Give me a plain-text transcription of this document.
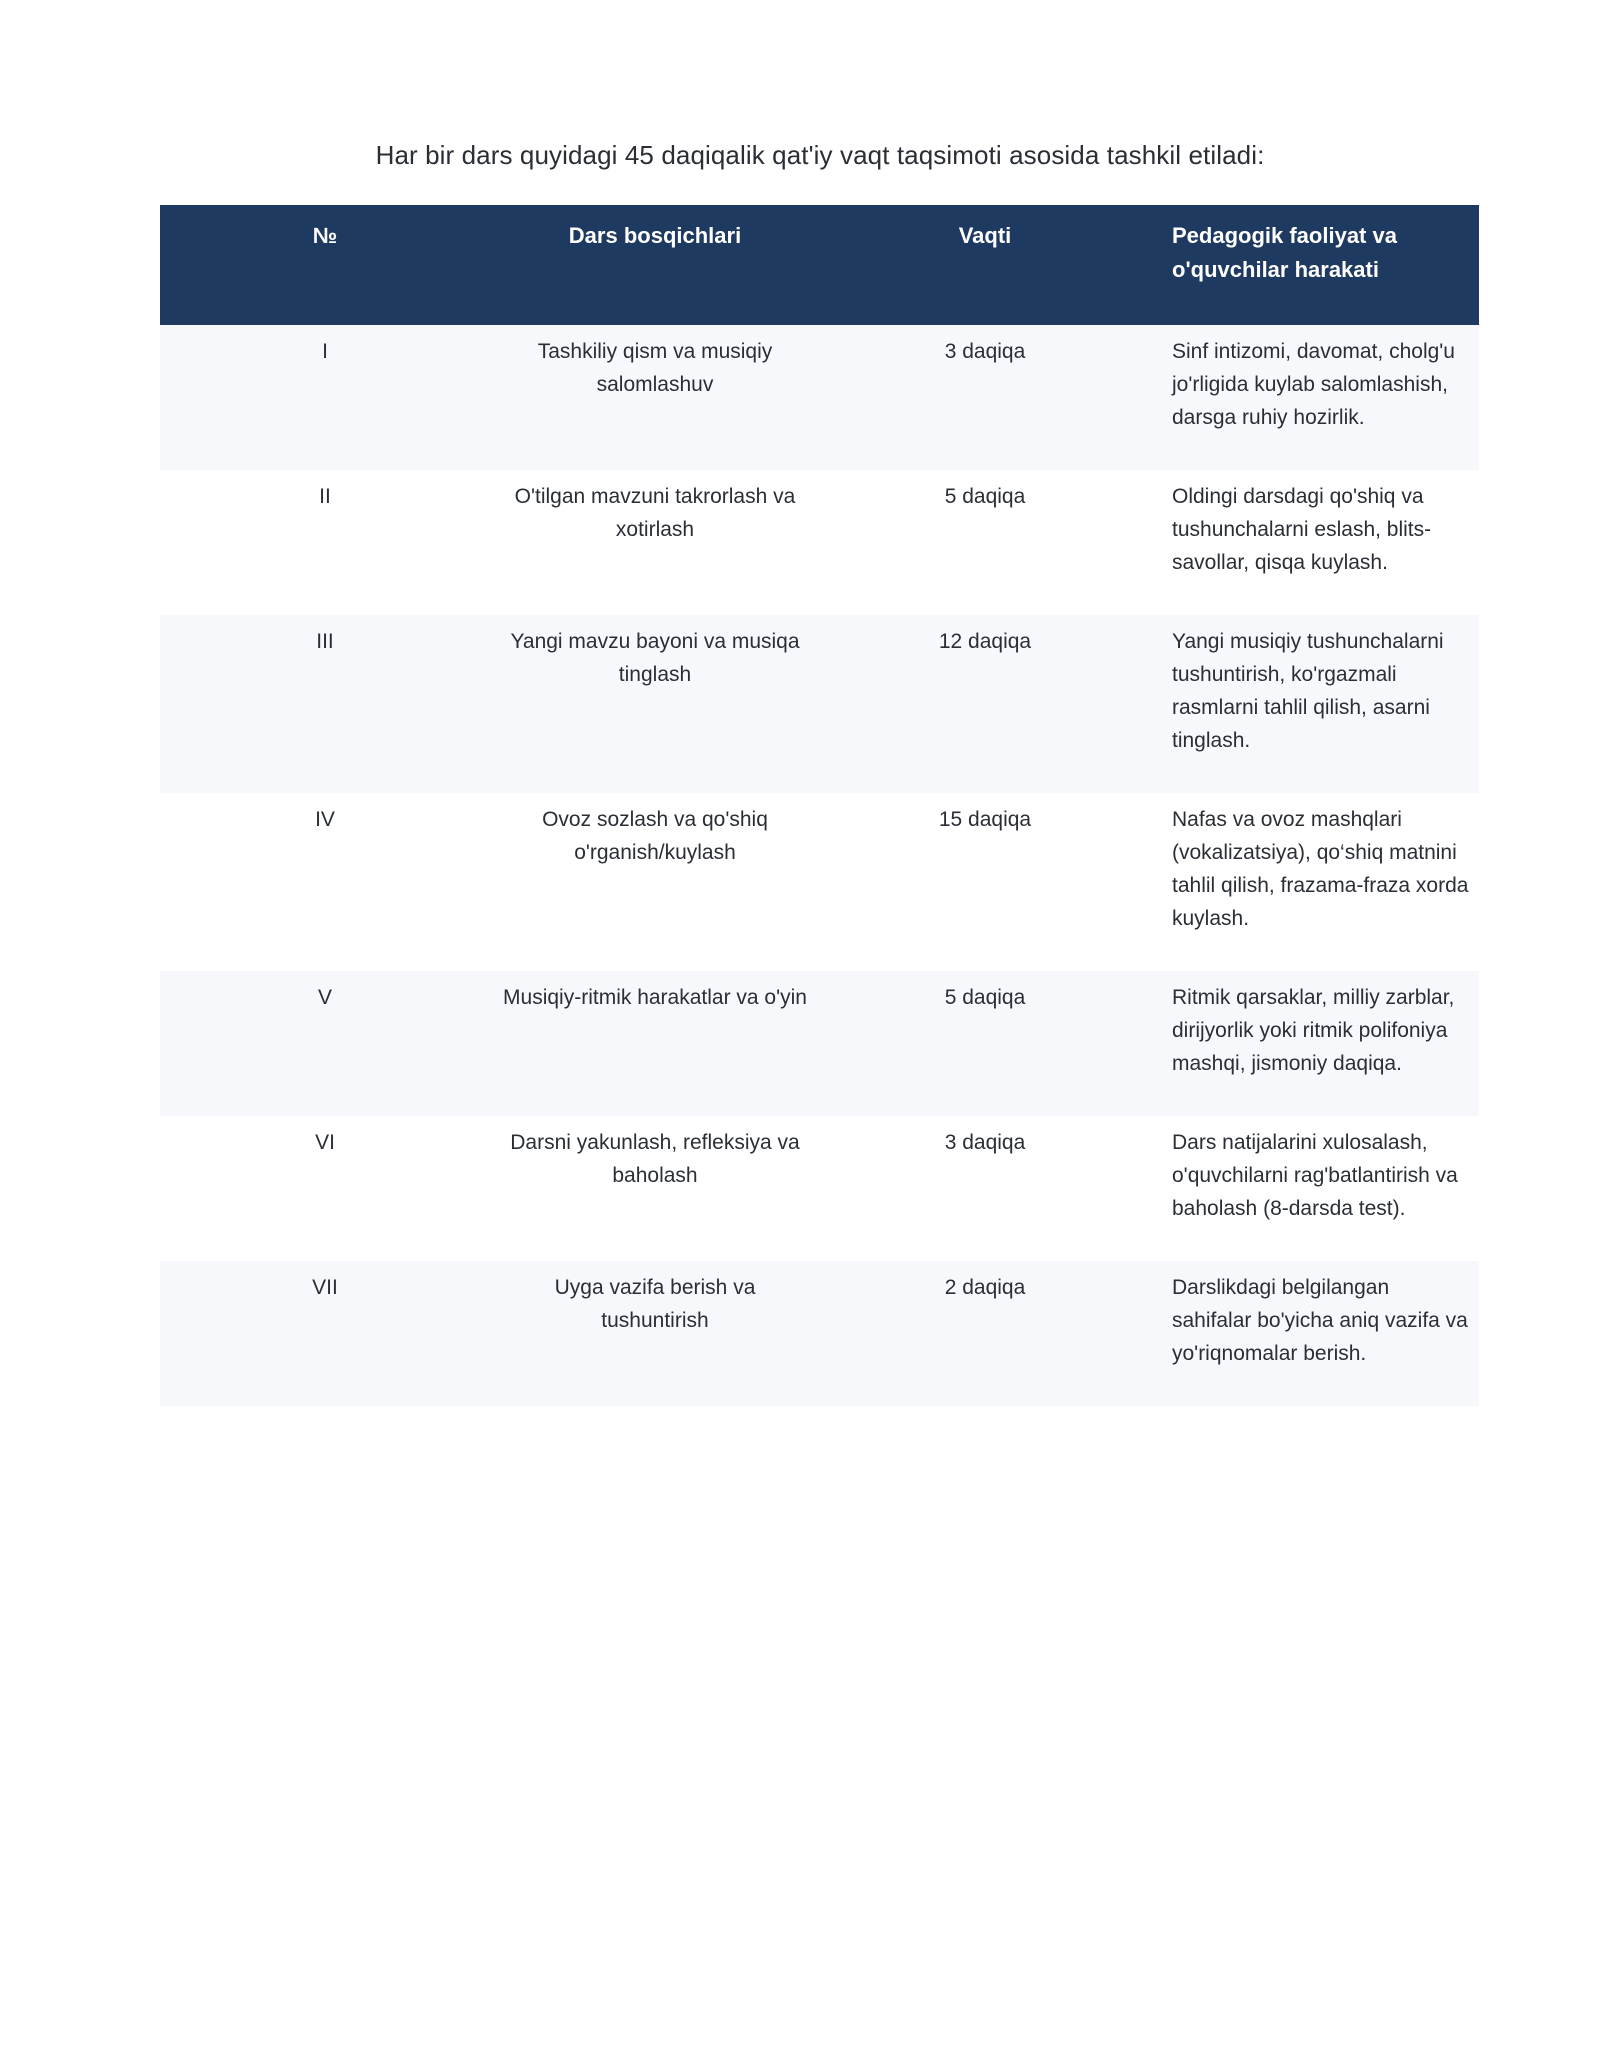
Har bir dars quyidagi 45 daqiqalik qat'iy vaqt taqsimoti asosida tashkil etiladi:
№	Dars bosqichlari	Vaqti	Pedagogik faoliyat va o'quvchilar harakati
I	Tashkiliy qism va musiqiy salomlashuv	3 daqiqa	Sinf intizomi, davomat, cholg'u jo'rligida kuylab salomlashish, darsga ruhiy hozirlik.
II	O'tilgan mavzuni takrorlash va xotirlash	5 daqiqa	Oldingi darsdagi qo'shiq va tushunchalarni eslash, blits-savollar, qisqa kuylash.
III	Yangi mavzu bayoni va musiqa tinglash	12 daqiqa	Yangi musiqiy tushunchalarni tushuntirish, ko'rgazmali rasmlarni tahlil qilish, asarni tinglash.
IV	Ovoz sozlash va qo'shiq o'rganish/kuylash	15 daqiqa	Nafas va ovoz mashqlari (vokalizatsiya), qo‘shiq matnini tahlil qilish, frazama-fraza xorda kuylash.
V	Musiqiy-ritmik harakatlar va o'yin	5 daqiqa	Ritmik qarsaklar, milliy zarblar, dirijyorlik yoki ritmik polifoniya mashqi, jismoniy daqiqa.
VI	Darsni yakunlash, refleksiya va baholash	3 daqiqa	Dars natijalarini xulosalash, o'quvchilarni rag'batlantirish va baholash (8-darsda test).
VII	Uyga vazifa berish va tushuntirish	2 daqiqa	Darslikdagi belgilangan sahifalar bo'yicha aniq vazifa va yo'riqnomalar berish.
